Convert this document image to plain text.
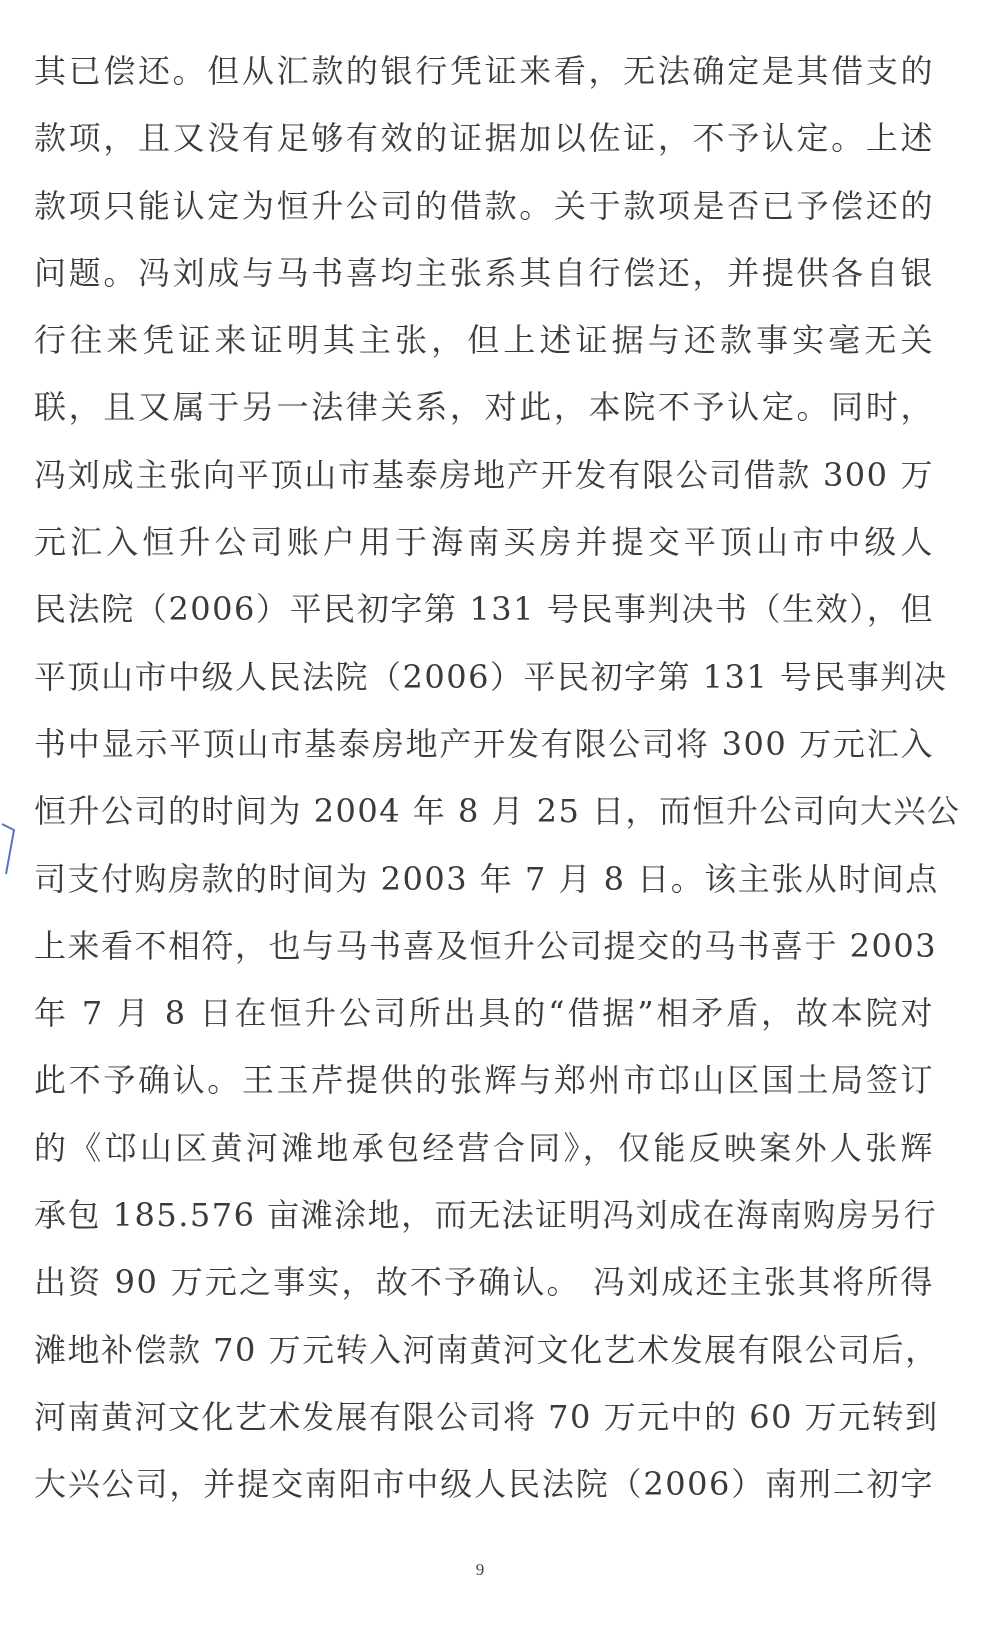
其已偿还。但从汇款的银行凭证来看，无法确定是其借支的
款项，且又没有足够有效的证据加以佐证，不予认定。上述
款项只能认定为恒升公司的借款。关于款项是否已予偿还的
问题。冯刘成与马书喜均主张系其自行偿还，并提供各自银
行往来凭证来证明其主张，但上述证据与还款事实毫无关
联，且又属于另一法律关系，对此，本院不予认定。同时，
冯刘成主张向平顶山市基泰房地产开发有限公司借款 300 万
元汇入恒升公司账户用于海南买房并提交平顶山市中级人
民法院（2006）平民初字第 131 号民事判决书（生效），但
平顶山市中级人民法院（2006）平民初字第 131 号民事判决
书中显示平顶山市基泰房地产开发有限公司将 300 万元汇入
恒升公司的时间为 2004 年 8 月 25 日，而恒升公司向大兴公
司支付购房款的时间为 2003 年 7 月 8 日。该主张从时间点
上来看不相符，也与马书喜及恒升公司提交的马书喜于 2003
年 7 月 8 日在恒升公司所出具的“借据”相矛盾，故本院对
此不予确认。王玉芹提供的张辉与郑州市邙山区国土局签订
的《邙山区黄河滩地承包经营合同》，仅能反映案外人张辉
承包 185.576 亩滩涂地，而无法证明冯刘成在海南购房另行
出资 90 万元之事实，故不予确认。 冯刘成还主张其将所得
滩地补偿款 70 万元转入河南黄河文化艺术发展有限公司后，
河南黄河文化艺术发展有限公司将 70 万元中的 60 万元转到
大兴公司，并提交南阳市中级人民法院（2006）南刑二初字
9
